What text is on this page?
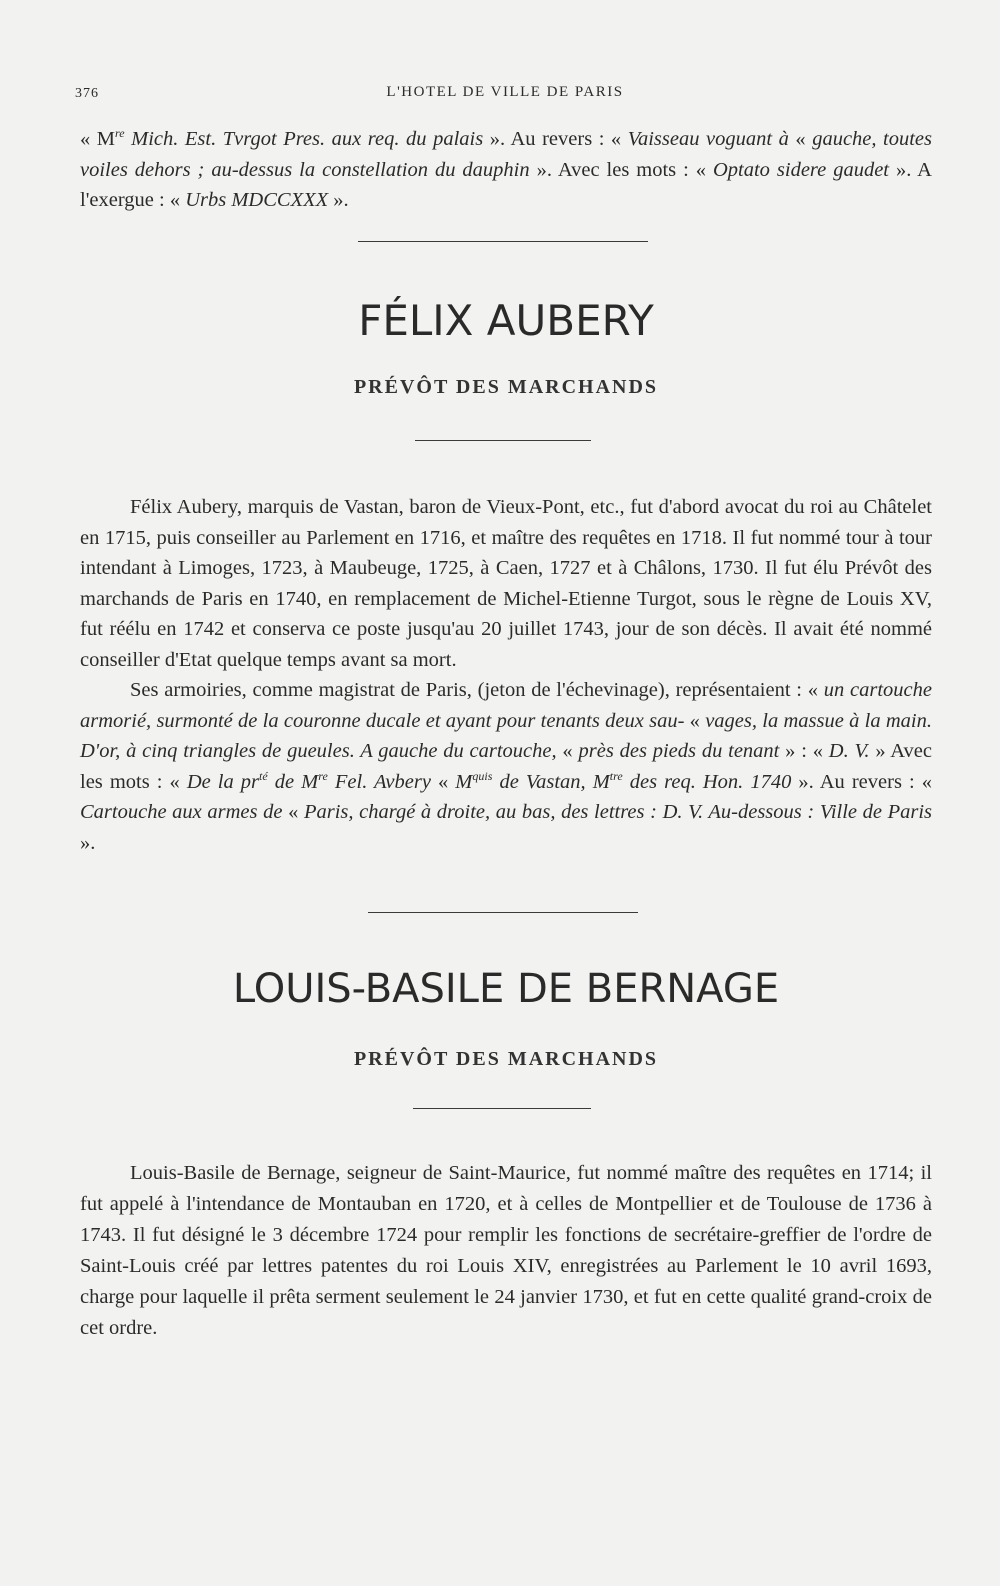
376	L'HOTEL DE VILLE DE PARIS

« Mre Mich. Est. Tvrgot Pres. aux req. du palais ». Au revers : « Vaisseau voguant à « gauche, toutes voiles dehors ; au-dessus la constellation du dauphin ». Avec les mots : « Optato sidere gaudet ». A l'exergue : « Urbs MDCCXXX ».

FÉLIX AUBERY
PRÉVÔT DES MARCHANDS

Félix Aubery, marquis de Vastan, baron de Vieux-Pont, etc., fut d'abord avocat du roi au Châtelet en 1715, puis conseiller au Parlement en 1716, et maître des requêtes en 1718. Il fut nommé tour à tour intendant à Limoges, 1723, à Maubeuge, 1725, à Caen, 1727 et à Châlons, 1730. Il fut élu Prévôt des marchands de Paris en 1740, en remplacement de Michel-Etienne Turgot, sous le règne de Louis XV, fut réélu en 1742 et conserva ce poste jusqu'au 20 juillet 1743, jour de son décès. Il avait été nommé conseiller d'Etat quelque temps avant sa mort.

Ses armoiries, comme magistrat de Paris, (jeton de l'échevinage), représentaient : « un cartouche armorié, surmonté de la couronne ducale et ayant pour tenants deux sau- « vages, la massue à la main. D'or, à cinq triangles de gueules. A gauche du cartouche, « près des pieds du tenant » : « D. V. » Avec les mots : « De la $pr^{té}$ de Mre Fel. Avbery « $M^{quis}$ de Vastan, $M^{tre}$ des req. Hon. 1740 ». Au revers : « Cartouche aux armes de « Paris, chargé à droite, au bas, des lettres : D. V. Au-dessous : Ville de Paris ».

LOUIS-BASILE DE BERNAGE
PRÉVÔT DES MARCHANDS

Louis-Basile de Bernage, seigneur de Saint-Maurice, fut nommé maître des requêtes en 1714; il fut appelé à l'intendance de Montauban en 1720, et à celles de Montpellier et de Toulouse de 1736 à 1743. Il fut désigné le 3 décembre 1724 pour remplir les fonctions de secrétaire-greffier de l'ordre de Saint-Louis créé par lettres patentes du roi Louis XIV, enregistrées au Parlement le 10 avril 1693, charge pour laquelle il prêta serment seulement le 24 janvier 1730, et fut en cette qualité grand-croix de cet ordre.
